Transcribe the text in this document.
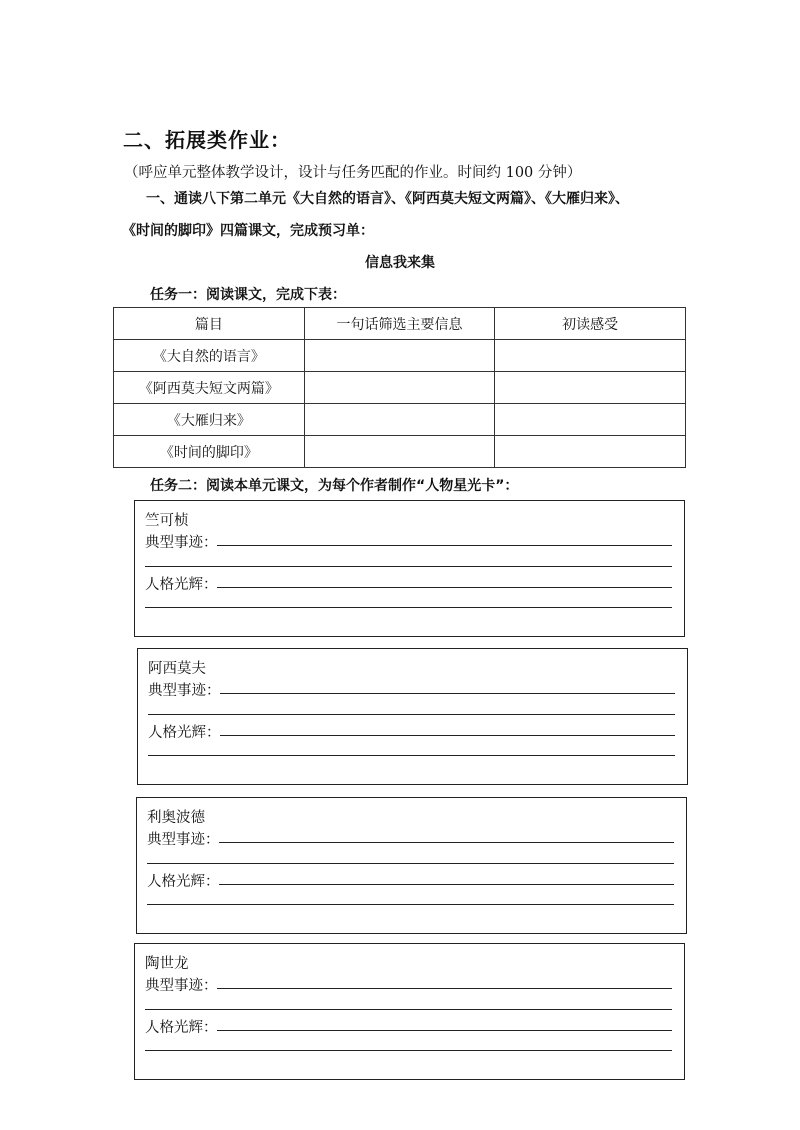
二、拓展类作业：
（呼应单元整体教学设计，设计与任务匹配的作业。时间约 100 分钟）
一、通读八下第二单元《大自然的语言》、《阿西莫夫短文两篇》、《大雁归来》、
《时间的脚印》四篇课文，完成预习单：
信息我来集
任务一：阅读课文，完成下表：
篇目	一句话筛选主要信息	初读感受
《大自然的语言》		
《阿西莫夫短文两篇》		
《大雁归来》		
《时间的脚印》		
任务二：阅读本单元课文，为每个作者制作“人物星光卡”：
竺可桢
典型事迹：
人格光辉：
阿西莫夫
典型事迹：
人格光辉：
利奥波德
典型事迹：
人格光辉：
陶世龙
典型事迹：
人格光辉：
